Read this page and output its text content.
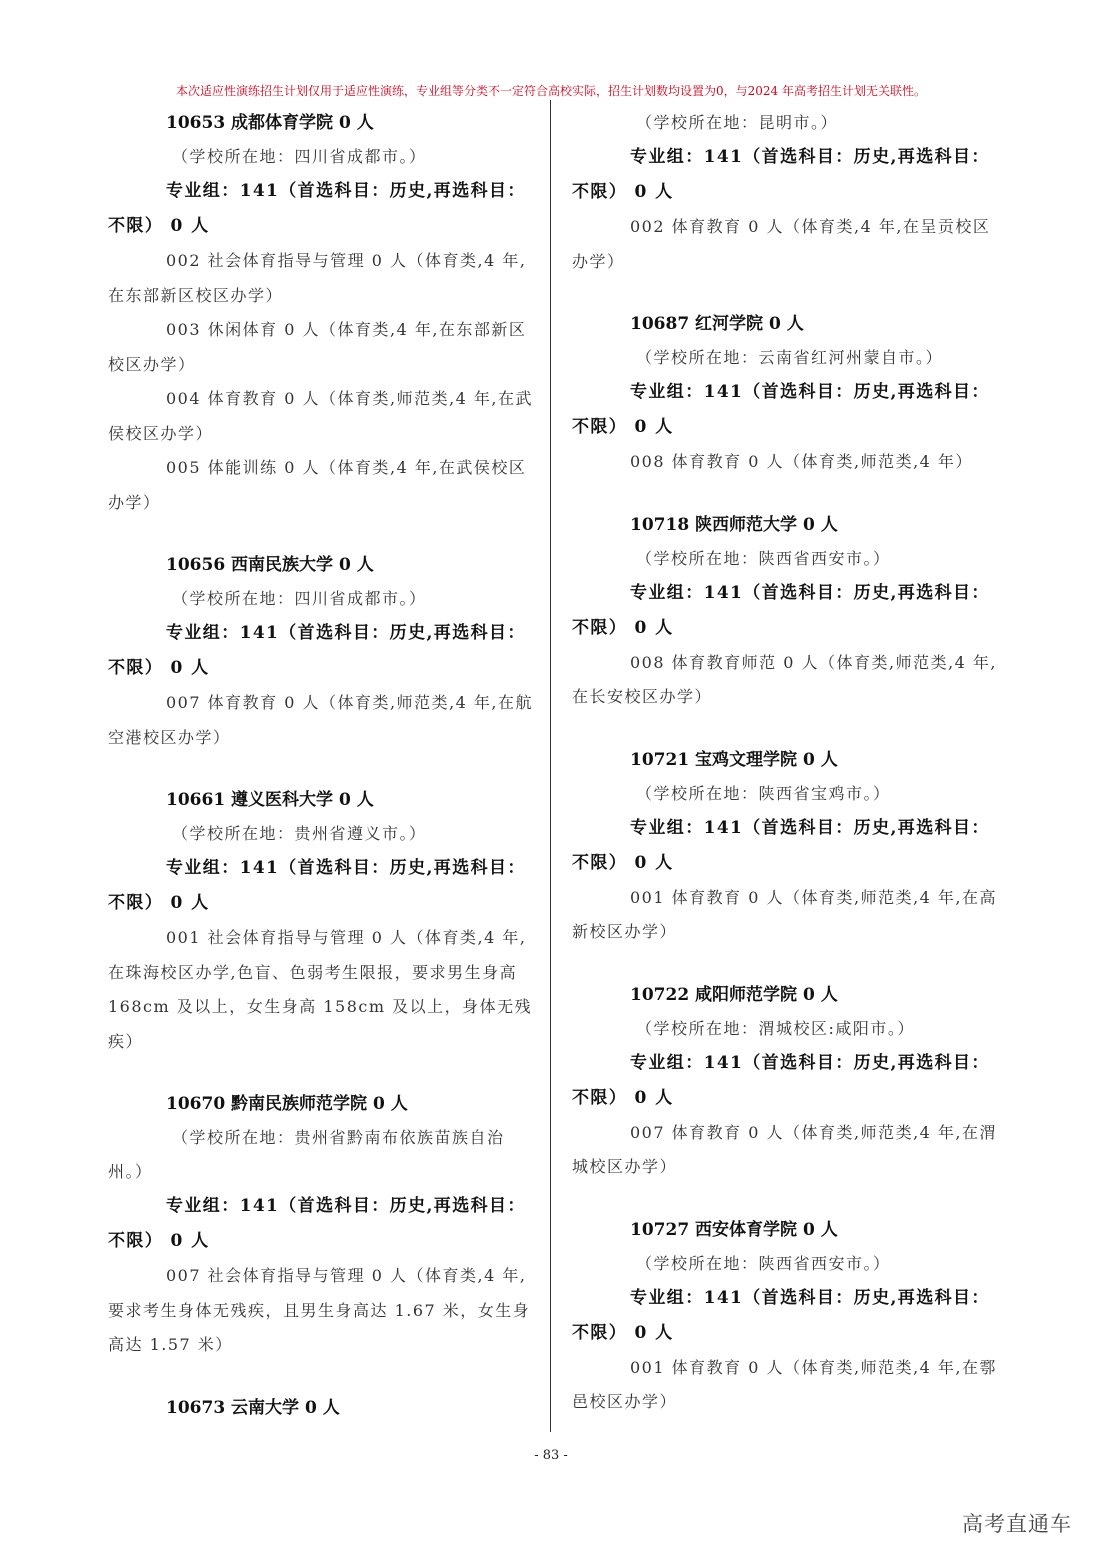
本次适应性演练招生计划仅用于适应性演练，专业组等分类不一定符合高校实际，招生计划数均设置为0，与2024 年高考招生计划无关联性。
10653 成都体育学院 0 人
（学校所在地：四川省成都市。）
专业组：141（首选科目：历史,再选科目：
不限） 0 人
002 社会体育指导与管理 0 人（体育类,4 年,在东部新区校区办学）
003 休闲体育 0 人（体育类,4 年,在东部新区校区办学）
004 体育教育 0 人（体育类,师范类,4 年,在武侯校区办学）
005 体能训练 0 人（体育类,4 年,在武侯校区办学）
10656 西南民族大学 0 人
（学校所在地：四川省成都市。）
专业组：141（首选科目：历史,再选科目：
不限） 0 人
007 体育教育 0 人（体育类,师范类,4 年,在航空港校区办学）
10661 遵义医科大学 0 人
（学校所在地：贵州省遵义市。）
专业组：141（首选科目：历史,再选科目：
不限） 0 人
001 社会体育指导与管理 0 人（体育类,4 年,在珠海校区办学,色盲、色弱考生限报，要求男生身高 168cm 及以上，女生身高 158cm 及以上，身体无残疾）
10670 黔南民族师范学院 0 人
（学校所在地：贵州省黔南布依族苗族自治州。）
专业组：141（首选科目：历史,再选科目：
不限） 0 人
007 社会体育指导与管理 0 人（体育类,4 年,要求考生身体无残疾，且男生身高达 1.67 米，女生身高达 1.57 米）
10673 云南大学 0 人
（学校所在地：昆明市。）
专业组：141（首选科目：历史,再选科目：
不限） 0 人
002 体育教育 0 人（体育类,4 年,在呈贡校区办学）
10687 红河学院 0 人
（学校所在地：云南省红河州蒙自市。）
专业组：141（首选科目：历史,再选科目：
不限） 0 人
008 体育教育 0 人（体育类,师范类,4 年）
10718 陕西师范大学 0 人
（学校所在地：陕西省西安市。）
专业组：141（首选科目：历史,再选科目：
不限） 0 人
008 体育教育师范 0 人（体育类,师范类,4 年,在长安校区办学）
10721 宝鸡文理学院 0 人
（学校所在地：陕西省宝鸡市。）
专业组：141（首选科目：历史,再选科目：
不限） 0 人
001 体育教育 0 人（体育类,师范类,4 年,在高新校区办学）
10722 咸阳师范学院 0 人
（学校所在地：渭城校区:咸阳市。）
专业组：141（首选科目：历史,再选科目：
不限） 0 人
007 体育教育 0 人（体育类,师范类,4 年,在渭城校区办学）
10727 西安体育学院 0 人
（学校所在地：陕西省西安市。）
专业组：141（首选科目：历史,再选科目：
不限） 0 人
001 体育教育 0 人（体育类,师范类,4 年,在鄠邑校区办学）
- 83 -
高考直通车
